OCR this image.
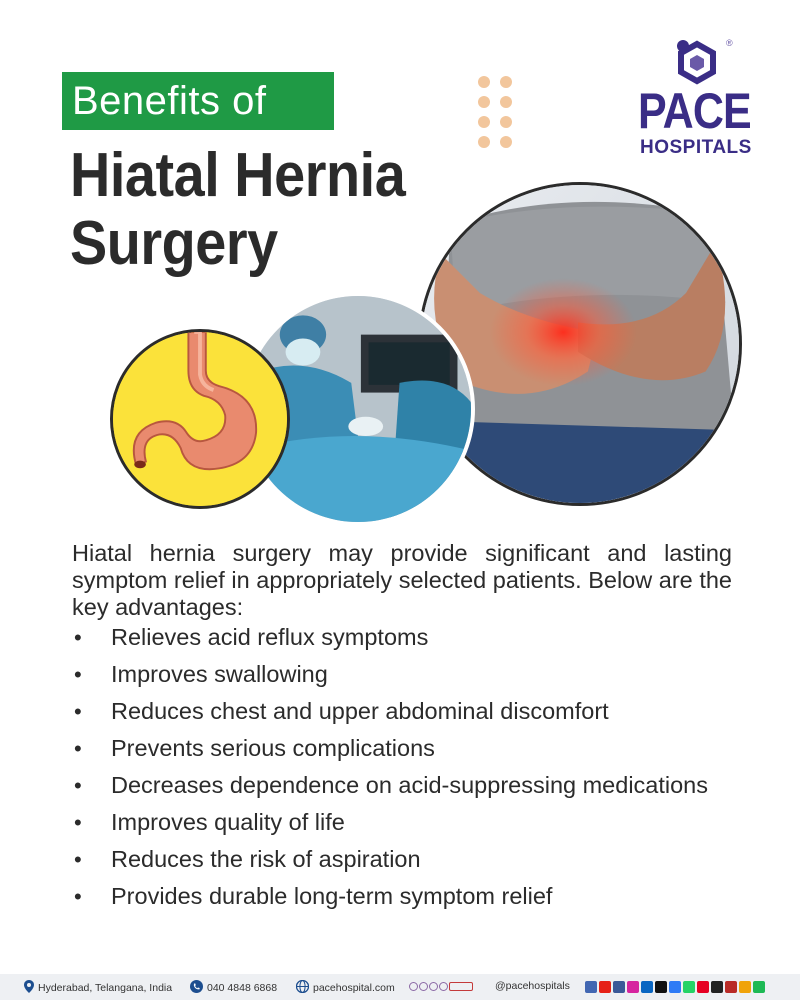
Benefits of
Hiatal Hernia
Surgery
®
PACE
HOSPITALS

Hiatal hernia surgery may provide significant and lasting symptom relief in appropriately selected patients. Below are the key advantages:

• Relieves acid reflux symptoms
• Improves swallowing
• Reduces chest and upper abdominal discomfort
• Prevents serious complications
• Decreases dependence on acid-suppressing medications
• Improves quality of life
• Reduces the risk of aspiration
• Provides durable long-term symptom relief
Hyderabad, Telangana, India	040 4848 6868	pacehospital.com	@pacehospitals
